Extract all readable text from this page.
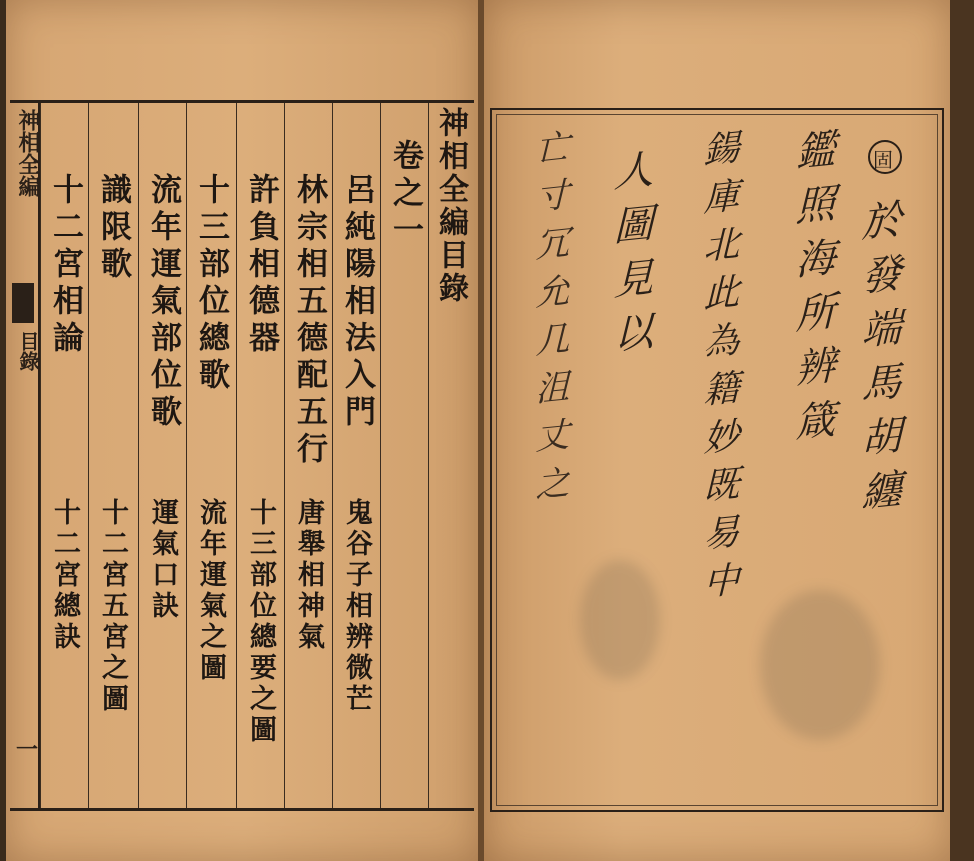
神相全編
目錄
一
十二宮相論
十二宮總訣
識限歌
十二宮五宮之圖
流年運氣部位歌
運氣口訣
十三部位總歌
流年運氣之圖
許負相德器
十三部位總要之圖
林宗相五德配五行
唐舉相神氣
呂純陽相法入門
鬼谷子相辨微芒
卷之一 神相全編目錄
固	於發端馬胡纏
鑑照海所辨箴
鍚庫北此為籍妙既易中
人圖見以
亡寸冗允几沮丈之
